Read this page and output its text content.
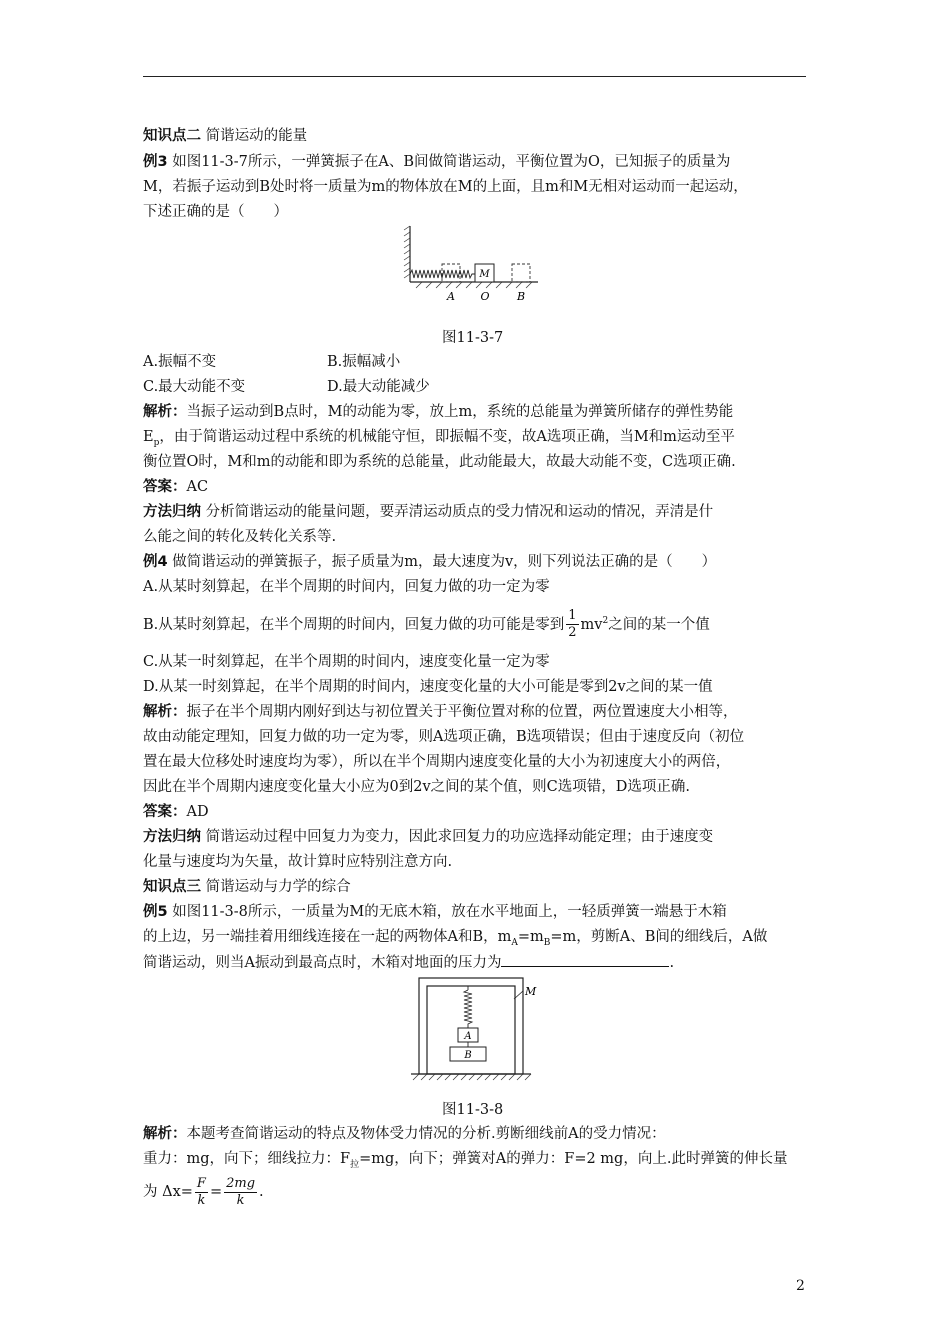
知识点二 简谐运动的能量
例3 如图11-3-7所示，一弹簧振子在A、B间做简谐运动，平衡位置为O，已知振子的质量为
M，若振子运动到B处时将一质量为m的物体放在M的上面，且m和M无相对运动而一起运动，
下述正确的是（　　）
M
A O B
图11-3-7
A.振幅不变	B.振幅减小
C.最大动能不变	D.最大动能减少
解析：当振子运动到B点时，M的动能为零，放上m，系统的总能量为弹簧所储存的弹性势能
$E_p$，由于简谐运动过程中系统的机械能守恒，即振幅不变，故A选项正确，当M和m运动至平
衡位置O时，M和m的动能和即为系统的总能量，此动能最大，故最大动能不变，C选项正确.
答案：AC
方法归纳 分析简谐运动的能量问题，要弄清运动质点的受力情况和运动的情况，弄清是什
么能之间的转化及转化关系等.
例4 做简谐运动的弹簧振子，振子质量为m，最大速度为v，则下列说法正确的是（　　）
A.从某时刻算起，在半个周期的时间内，回复力做的功一定为零
B.从某时刻算起，在半个周期的时间内，回复力做的功可能是零到 $\frac{1}{2} mv^2$之间的某一个值
C.从某一时刻算起，在半个周期的时间内，速度变化量一定为零
D.从某一时刻算起，在半个周期的时间内，速度变化量的大小可能是零到2v之间的某一值
解析：振子在半个周期内刚好到达与初位置关于平衡位置对称的位置，两位置速度大小相等，
故由动能定理知，回复力做的功一定为零，则A选项正确，B选项错误；但由于速度反向（初位
置在最大位移处时速度均为零），所以在半个周期内速度变化量的大小为初速度大小的两倍，
因此在半个周期内速度变化量大小应为0到2v之间的某个值，则C选项错，D选项正确.
答案：AD
方法归纳 简谐运动过程中回复力为变力，因此求回复力的功应选择动能定理；由于速度变
化量与速度均为矢量，故计算时应特别注意方向.
知识点三 简谐运动与力学的综合
例5 如图11-3-8所示，一质量为M的无底木箱，放在水平地面上，一轻质弹簧一端悬于木箱
的上边，另一端挂着用细线连接在一起的两物体A和B，$m_A=m_B=m$，剪断A、B间的细线后，A做
简谐运动，则当A振动到最高点时，木箱对地面的压力为	.
M
A
B
图11-3-8
解析：本题考查简谐运动的特点及物体受力情况的分析.剪断细线前A的受力情况：
重力：mg，向下；细线拉力：$F_拉=mg$，向下；弹簧对A的弹力：F=2 mg，向上.此时弹簧的伸长量
为 $\Delta x= \frac{F}{k} = \frac{2mg}{k}$ .
2
